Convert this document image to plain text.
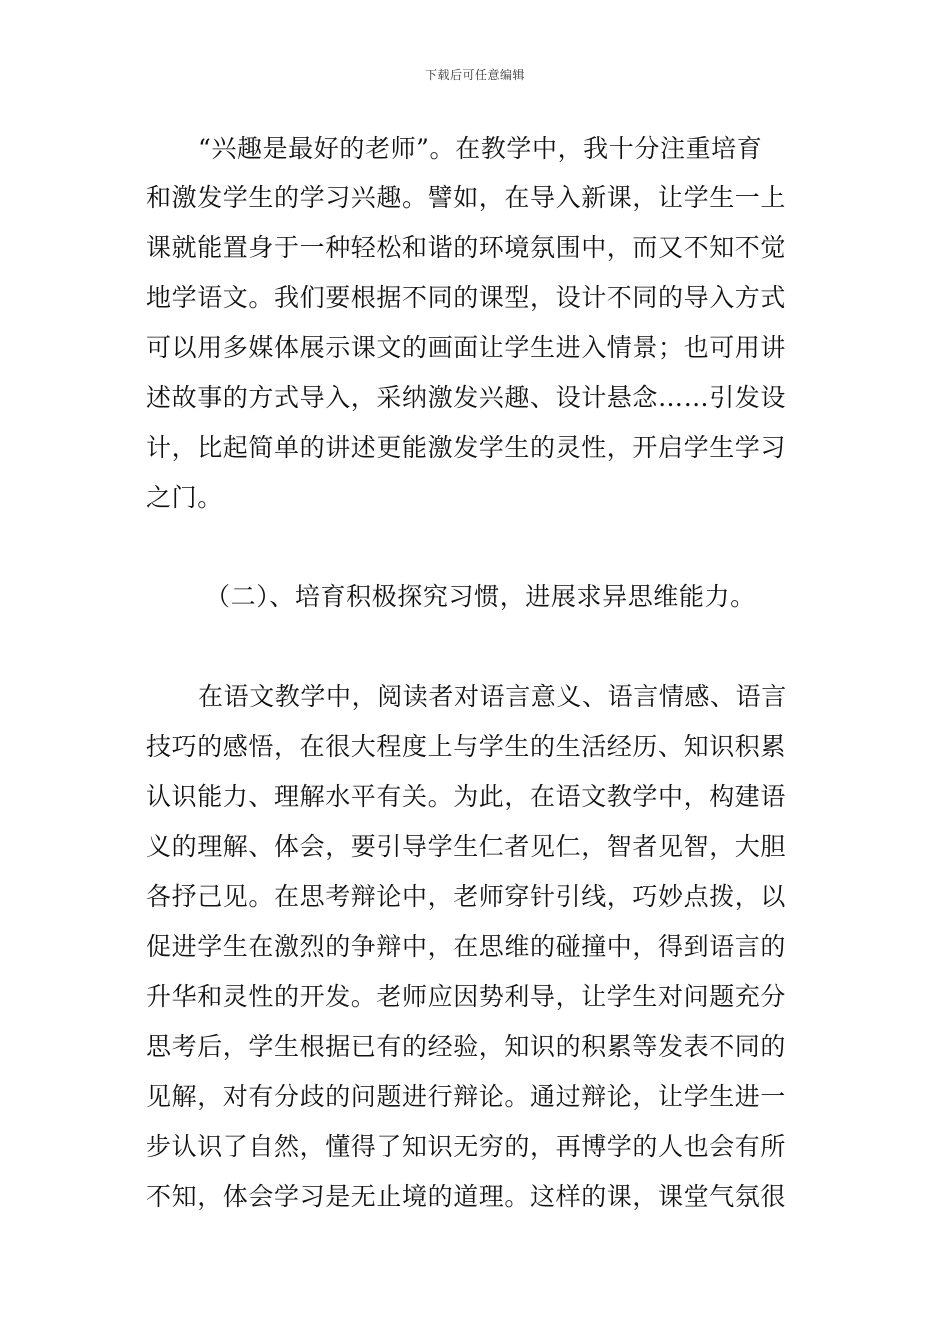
下载后可任意编辑
“兴趣是最好的老师”。在教学中，我十分注重培育
和激发学生的学习兴趣。譬如，在导入新课，让学生一上
课就能置身于一种轻松和谐的环境氛围中，而又不知不觉
地学语文。我们要根据不同的课型，设计不同的导入方式
可以用多媒体展示课文的画面让学生进入情景；也可用讲
述故事的方式导入，采纳激发兴趣、设计悬念……引发设
计，比起简单的讲述更能激发学生的灵性，开启学生学习
之门。
（二）、培育积极探究习惯，进展求异思维能力。
在语文教学中，阅读者对语言意义、语言情感、语言
技巧的感悟，在很大程度上与学生的生活经历、知识积累
认识能力、理解水平有关。为此，在语文教学中，构建语
义的理解、体会，要引导学生仁者见仁，智者见智，大胆
各抒己见。在思考辩论中，老师穿针引线，巧妙点拨，以
促进学生在激烈的争辩中，在思维的碰撞中，得到语言的
升华和灵性的开发。老师应因势利导，让学生对问题充分
思考后，学生根据已有的经验，知识的积累等发表不同的
见解，对有分歧的问题进行辩论。通过辩论，让学生进一
步认识了自然，懂得了知识无穷的，再博学的人也会有所
不知，体会学习是无止境的道理。这样的课，课堂气氛很
